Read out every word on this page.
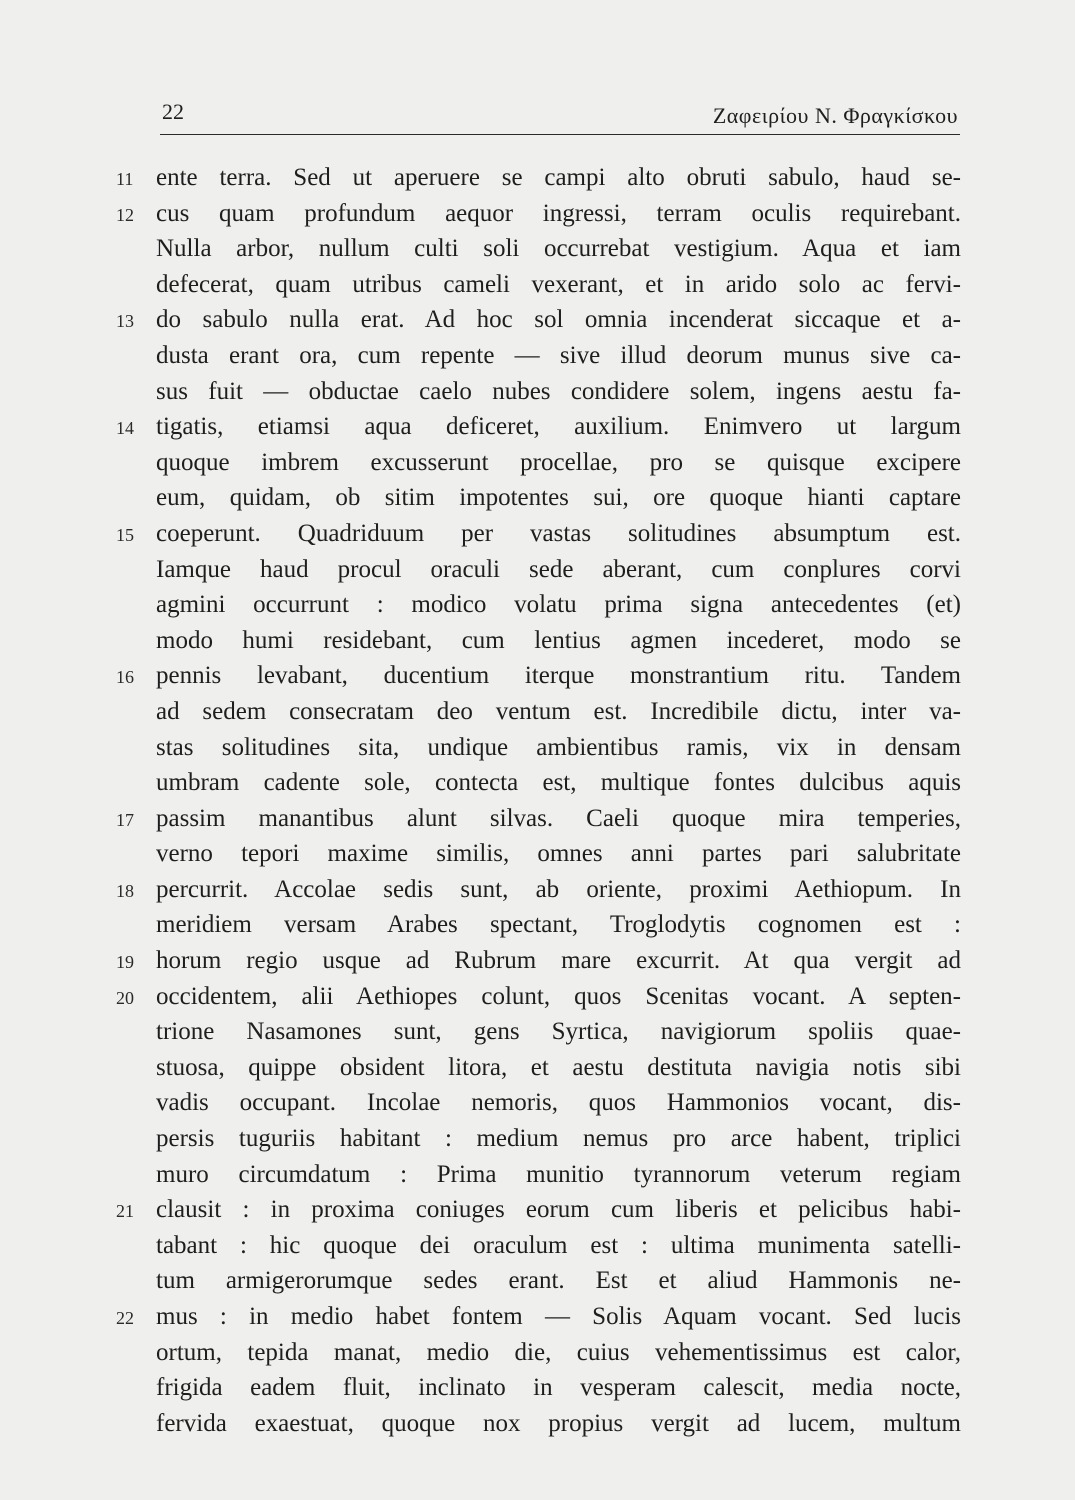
22	Ζαφειρίου Ν. Φραγκίσκου
11 ente terra. Sed ut aperuere se campi alto obruti sabulo, haud se-
12 cus quam profundum aequor ingressi, terram oculis requirebant.
Nulla arbor, nullum culti soli occurrebat vestigium. Aqua et iam
defecerat, quam utribus cameli vexerant, et in arido solo ac fervi-
13 do sabulo nulla erat. Ad hoc sol omnia incenderat siccaque et a-
dusta erant ora, cum repente — sive illud deorum munus sive ca-
sus fuit — obductae caelo nubes condidere solem, ingens aestu fa-
14 tigatis, etiamsi aqua deficeret, auxilium. Enimvero ut largum
quoque imbrem excusserunt procellae, pro se quisque excipere
eum, quidam, ob sitim impotentes sui, ore quoque hianti captare
15 coeperunt. Quadriduum per vastas solitudines absumptum est.
Iamque haud procul oraculi sede aberant, cum conplures corvi
agmini occurrunt : modico volatu prima signa antecedentes (et)
modo humi residebant, cum lentius agmen incederet, modo se
16 pennis levabant, ducentium iterque monstrantium ritu. Tandem
ad sedem consecratam deo ventum est. Incredibile dictu, inter va-
stas solitudines sita, undique ambientibus ramis, vix in densam
umbram cadente sole, contecta est, multique fontes dulcibus aquis
17 passim manantibus alunt silvas. Caeli quoque mira temperies,
verno tepori maxime similis, omnes anni partes pari salubritate
18 percurrit. Accolae sedis sunt, ab oriente, proximi Aethiopum. In
meridiem versam Arabes spectant, Troglodytis cognomen est :
19 horum regio usque ad Rubrum mare excurrit. At qua vergit ad
20 occidentem, alii Aethiopes colunt, quos Scenitas vocant. A septen-
trione Nasamones sunt, gens Syrtica, navigiorum spoliis quae-
stuosa, quippe obsident litora, et aestu destituta navigia notis sibi
vadis occupant. Incolae nemoris, quos Hammonios vocant, dis-
persis tuguriis habitant : medium nemus pro arce habent, triplici
muro circumdatum : Prima munitio tyrannorum veterum regiam
21 clausit : in proxima coniuges eorum cum liberis et pelicibus habi-
tabant : hic quoque dei oraculum est : ultima munimenta satelli-
tum armigerorumque sedes erant. Est et aliud Hammonis ne-
22 mus : in medio habet fontem — Solis Aquam vocant. Sed lucis
ortum, tepida manat, medio die, cuius vehementissimus est calor,
frigida eadem fluit, inclinato in vesperam calescit, media nocte,
fervida exaestuat, quoque nox propius vergit ad lucem, multum
